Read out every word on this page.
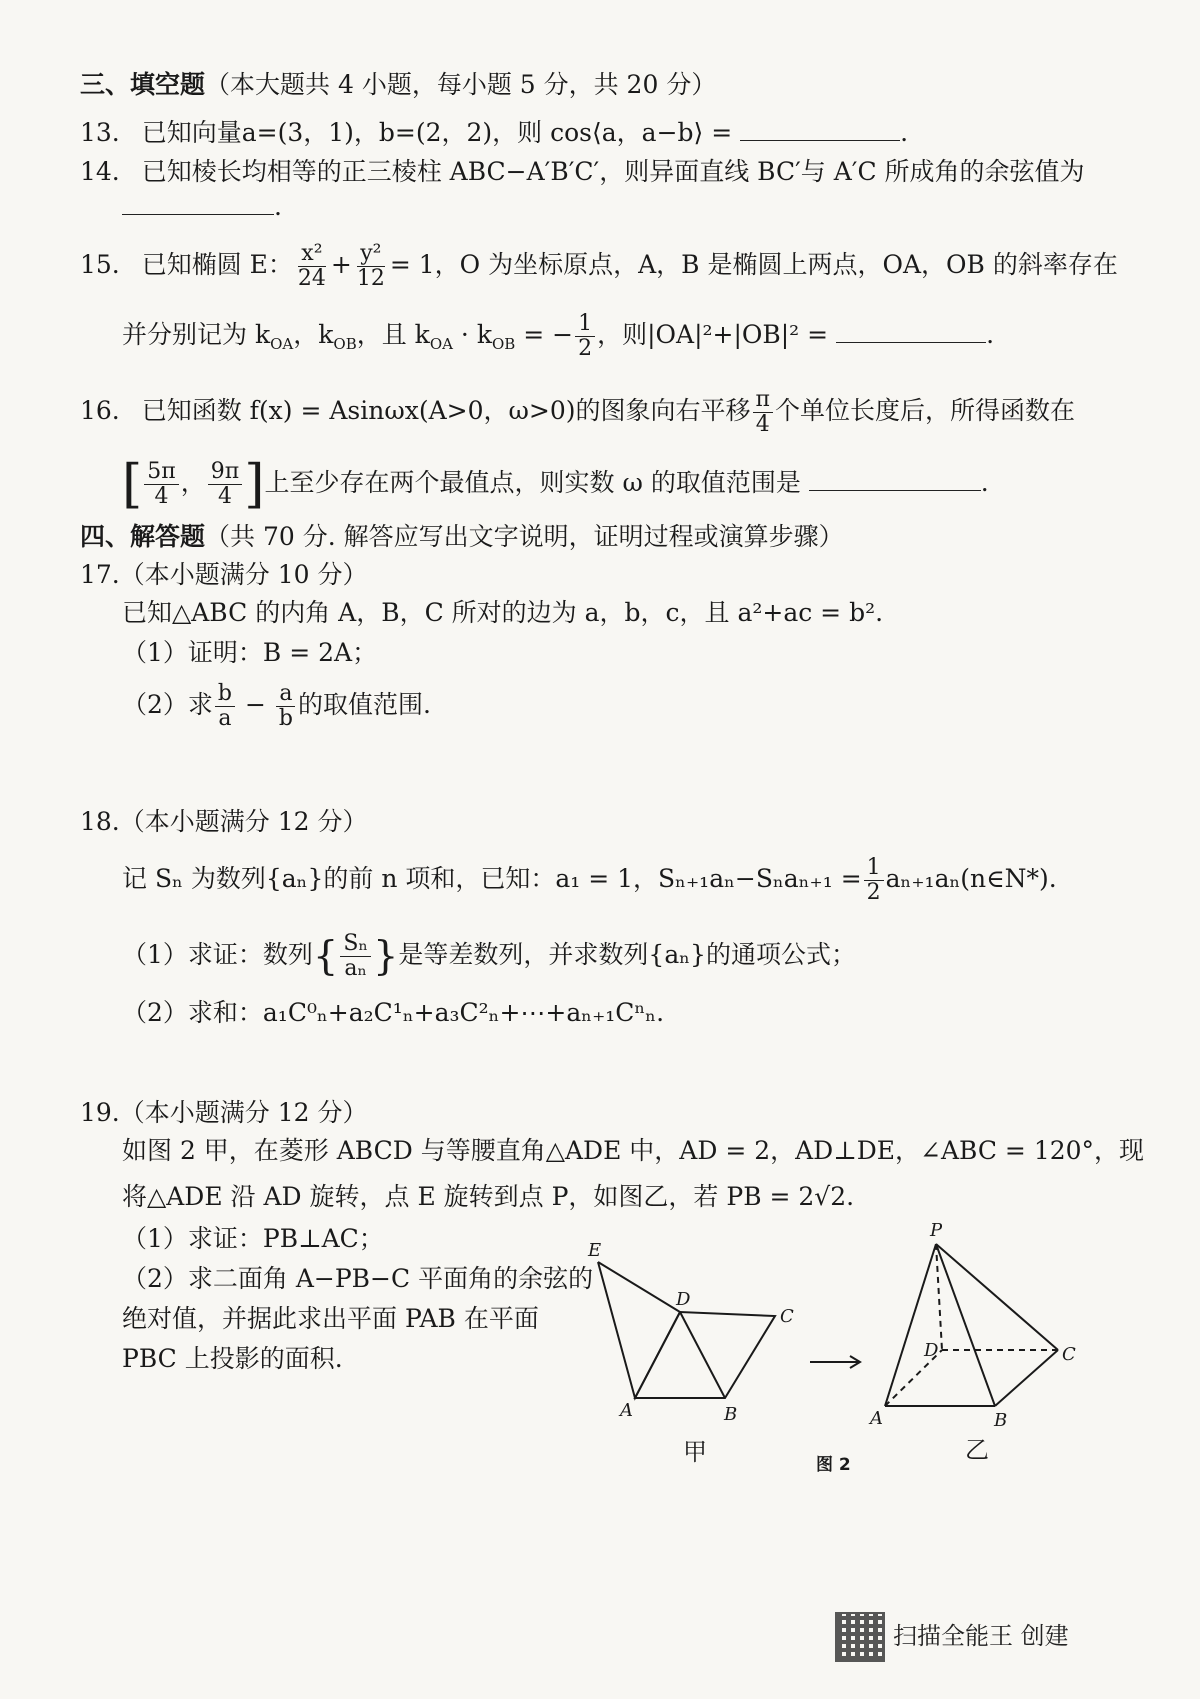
三、填空题（本大题共 4 小题，每小题 5 分，共 20 分）
13. 已知向量a=(3，1)，b=(2，2)，则 cos⟨a，a−b⟩ =	.
14. 已知棱长均相等的正三棱柱 ABC−A′B′C′，则异面直线 BC′与 A′C 所成角的余弦值为
.
15. 已知椭圆 E： $\frac{\text{x²}}{24} + \frac{\text{y²}}{12} = 1$，O 为坐标原点，A，B 是椭圆上两点，OA，OB 的斜率存在
并分别记为 $k_{OA}$，$k_{OB}$，且 $k_{OA} \cdot k_{OB}$ = − $\frac{1}{2}$ ，则|OA|²+|OB|² =	.
16. 已知函数 f(x) = Asinωx(A>0，ω>0)的图象向右平移 $\frac{\pi}{4}$ 个单位长度后，所得函数在
[ $\frac{5\pi}{4}$ ， $\frac{9\pi}{4}$ ]上至少存在两个最值点，则实数 ω 的取值范围是	.
四、解答题（共 70 分. 解答应写出文字说明，证明过程或演算步骤）
17.（本小题满分 10 分）
已知△ABC 的内角 A，B，C 所对的边为 a，b，c，且 a²+ac = b².
（1）证明：B = 2A；
（2）求 $\frac{b}{a} - \frac{a}{b}$ 的取值范围.
18.（本小题满分 12 分）
记 Sₙ 为数列{aₙ}的前 n 项和，已知：a₁ = 1，$S_{n+1}a_n-S_na_{n+1} = \frac{1}{2}$ aₙ₊₁aₙ(n∈N*).
（1）求证：数列{ $\frac{\text{Sₙ}}{\text{aₙ}}$ }是等差数列，并求数列{aₙ}的通项公式；
（2）求和：a₁C⁰ₙ+a₂C¹ₙ+a₃C²ₙ+⋯+aₙ₊₁Cⁿₙ.
19.（本小题满分 12 分）
如图 2 甲，在菱形 ABCD 与等腰直角△ADE 中，AD = 2，AD⊥DE，∠ABC = 120°，现
将△ADE 沿 AD 旋转，点 E 旋转到点 P，如图乙，若 PB = 2√2.
（1）求证：PB⊥AC；
（2）求二面角 A−PB−C 平面角的余弦的
绝对值，并据此求出平面 PAB 在平面
PBC 上投影的面积.
E
D
C
A	B
甲
P
D	C
A	B
乙
图 2
扫描全能王 创建
